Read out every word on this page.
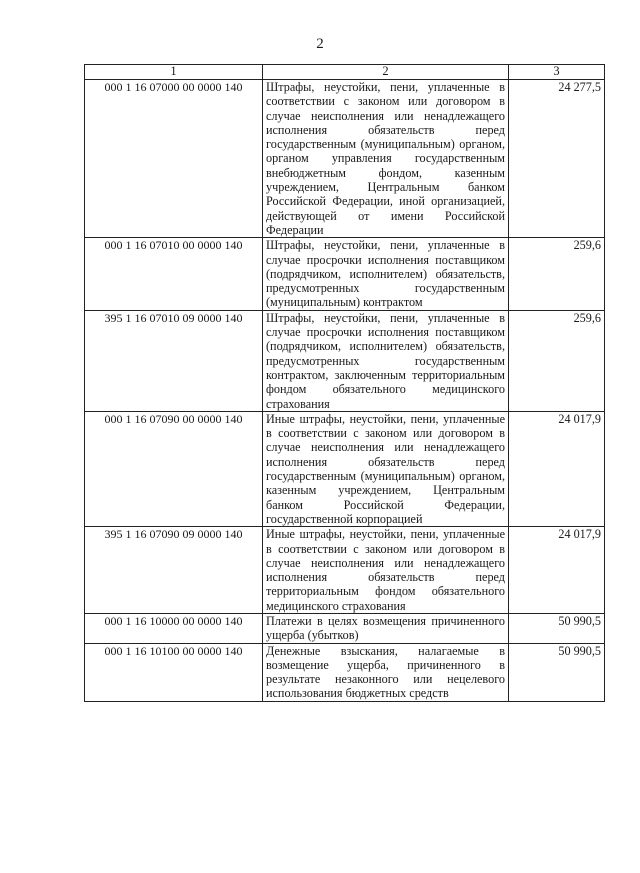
2
1	2	3
000 1 16 07000 00 0000 140	Штрафы, неустойки, пени, уплаченные в соответствии с законом или договором в случае неисполнения или ненадлежащего исполнения обязательств перед государственным (муниципальным) органом, органом управления государственным внебюджетным фондом, казенным учреждением, Центральным банком Российской Федерации, иной организацией, действующей от имени Российской Федерации	24 277,5
000 1 16 07010 00 0000 140	Штрафы, неустойки, пени, уплаченные в случае просрочки исполнения поставщиком (подрядчиком, исполнителем) обязательств, предусмотренных государственным (муниципальным) контрактом	259,6
395 1 16 07010 09 0000 140	Штрафы, неустойки, пени, уплаченные в случае просрочки исполнения поставщиком (подрядчиком, исполнителем) обязательств, предусмотренных государственным контрактом, заключенным территориальным фондом обязательного медицинского страхования	259,6
000 1 16 07090 00 0000 140	Иные штрафы, неустойки, пени, уплаченные в соответствии с законом или договором в случае неисполнения или ненадлежащего исполнения обязательств перед государственным (муниципальным) органом, казенным учреждением, Центральным банком Российской Федерации, государственной корпорацией	24 017,9
395 1 16 07090 09 0000 140	Иные штрафы, неустойки, пени, уплаченные в соответствии с законом или договором в случае неисполнения или ненадлежащего исполнения обязательств перед территориальным фондом обязательного медицинского страхования	24 017,9
000 1 16 10000 00 0000 140	Платежи в целях возмещения причиненного ущерба (убытков)	50 990,5
000 1 16 10100 00 0000 140	Денежные взыскания, налагаемые в возмещение ущерба, причиненного в результате незаконного или нецелевого использования бюджетных средств	50 990,5
